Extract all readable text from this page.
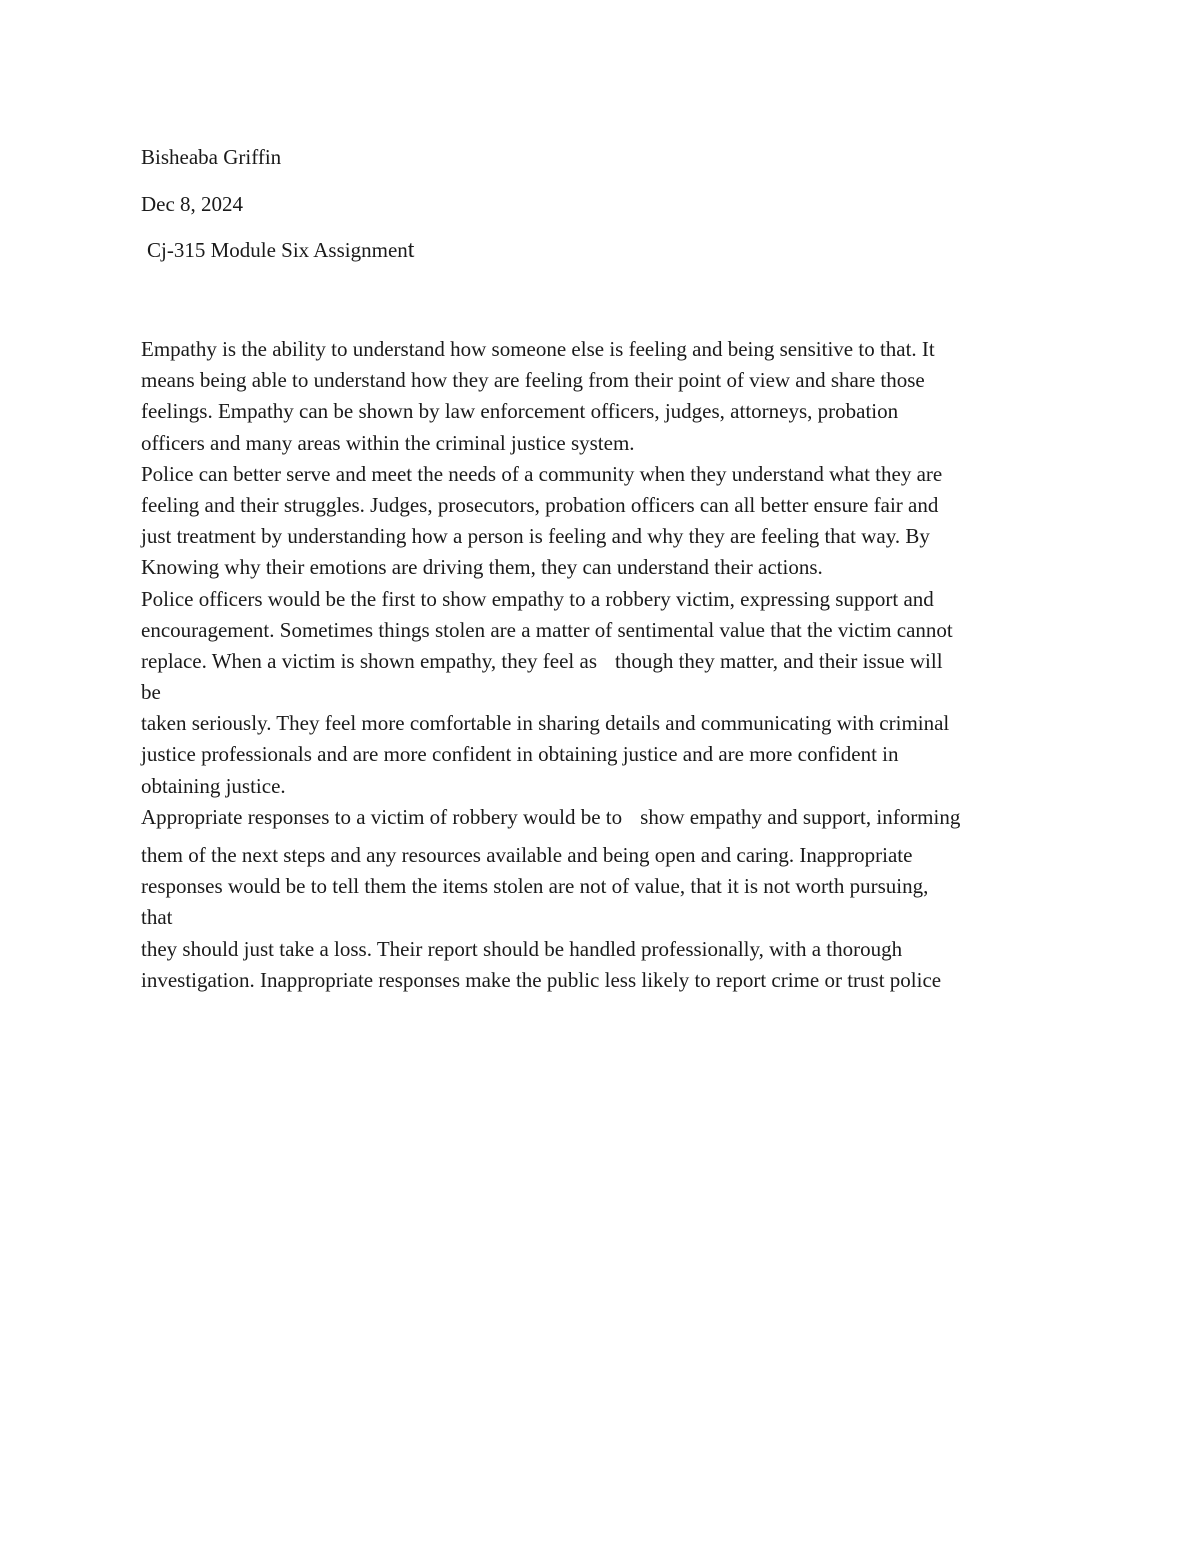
Bisheaba Griffin
Dec 8, 2024
Cj-315 Module Six Assignment
Empathy is the ability to understand how someone else is feeling and being sensitive to that. It
means being able to understand how they are feeling from their point of view and share those
feelings. Empathy can be shown by law enforcement officers, judges, attorneys, probation
officers and many areas within the criminal justice system.
Police can better serve and meet the needs of a community when they understand what they are
feeling and their struggles. Judges, prosecutors, probation officers can all better ensure fair and
just treatment by understanding how a person is feeling and why they are feeling that way. By
Knowing why their emotions are driving them, they can understand their actions.
Police officers would be the first to show empathy to a robbery victim, expressing support and
encouragement. Sometimes things stolen are a matter of sentimental value that the victim cannot
replace. When a victim is shown empathy, they feel as though they matter, and their issue will
be
taken seriously. They feel more comfortable in sharing details and communicating with criminal
justice professionals and are more confident in obtaining justice and are more confident in
obtaining justice.
Appropriate responses to a victim of robbery would be to show empathy and support, informing
them of the next steps and any resources available and being open and caring. Inappropriate
responses would be to tell them the items stolen are not of value, that it is not worth pursuing,
that
they should just take a loss. Their report should be handled professionally, with a thorough
investigation. Inappropriate responses make the public less likely to report crime or trust police
